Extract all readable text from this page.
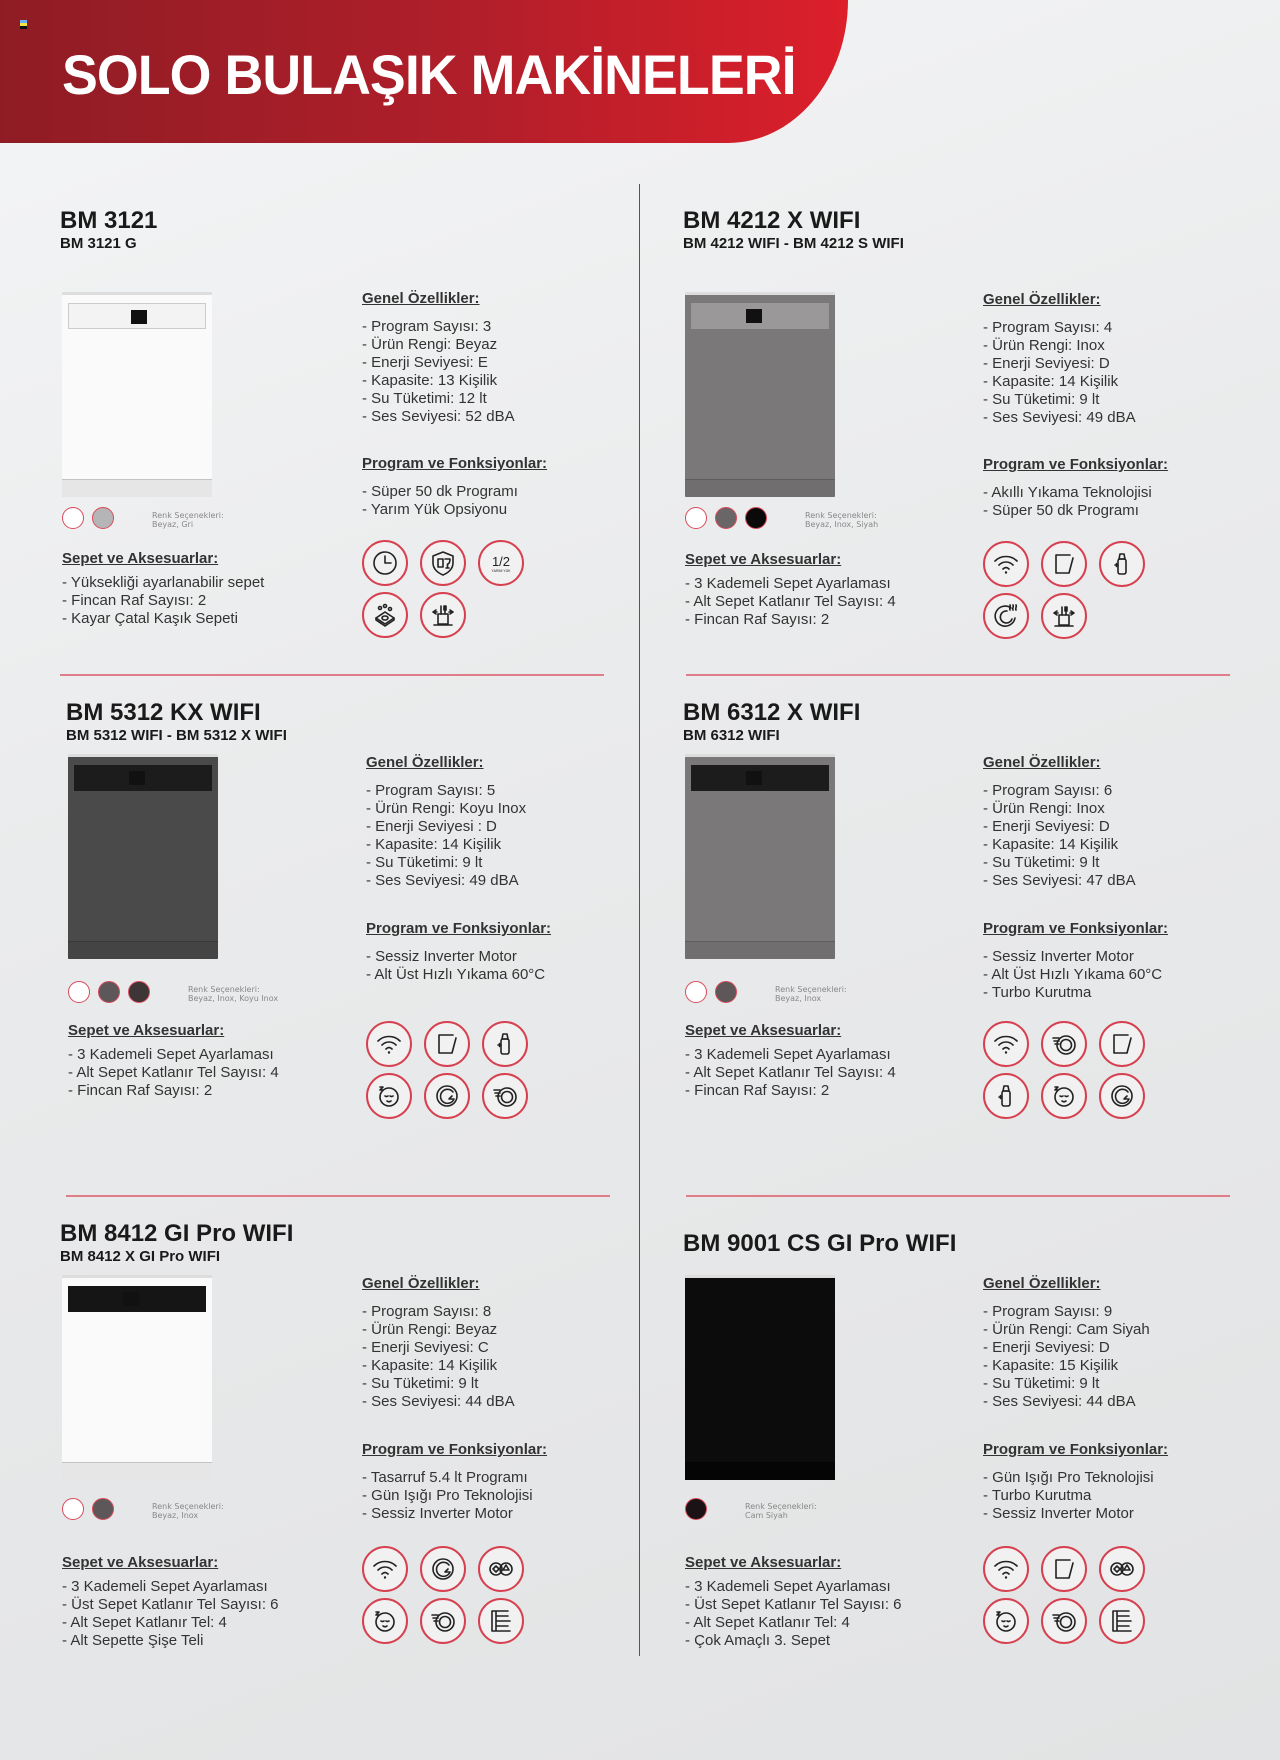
SOLO BULAŞIK MAKİNELERİ
BM 3121
BM 3121 G
Renk Seçenekleri:
Beyaz, Gri
Sepet ve Aksesuarlar:
- Yüksekliği ayarlanabilir sepet
- Fincan Raf Sayısı: 2
- Kayar Çatal Kaşık Sepeti
Genel Özellikler:
- Program Sayısı: 3
- Ürün Rengi: Beyaz
- Enerji Seviyesi: E
- Kapasite: 13 Kişilik
- Su Tüketimi: 12 lt
- Ses Seviyesi: 52 dBA
Program ve Fonksiyonlar:
- Süper 50 dk Programı
- Yarım Yük Opsiyonu
1/2
YARIM YÜK
BM 4212 X WIFI
BM 4212 WIFI - BM 4212 S WIFI
Renk Seçenekleri:
Beyaz, Inox, Siyah
Sepet ve Aksesuarlar:
- 3 Kademeli Sepet Ayarlaması
- Alt Sepet Katlanır Tel Sayısı: 4
- Fincan Raf Sayısı: 2
Genel Özellikler:
- Program Sayısı: 4
- Ürün Rengi: Inox
- Enerji Seviyesi: D
- Kapasite: 14 Kişilik
- Su Tüketimi: 9 lt
- Ses Seviyesi: 49 dBA
Program ve Fonksiyonlar:
- Akıllı Yıkama Teknolojisi
- Süper 50 dk Programı
BM 5312 KX WIFI
BM 5312 WIFI - BM 5312 X WIFI
Renk Seçenekleri:
Beyaz, Inox, Koyu Inox
Sepet ve Aksesuarlar:
- 3 Kademeli Sepet Ayarlaması
- Alt Sepet Katlanır Tel Sayısı: 4
- Fincan Raf Sayısı: 2
Genel Özellikler:
- Program Sayısı: 5
- Ürün Rengi: Koyu Inox
- Enerji Seviyesi : D
- Kapasite: 14 Kişilik
- Su Tüketimi: 9 lt
- Ses Seviyesi: 49 dBA
Program ve Fonksiyonlar:
- Sessiz Inverter Motor
- Alt Üst Hızlı Yıkama 60°C
BM 6312 X WIFI
BM 6312 WIFI
Renk Seçenekleri:
Beyaz, Inox
Sepet ve Aksesuarlar:
- 3 Kademeli Sepet Ayarlaması
- Alt Sepet Katlanır Tel Sayısı: 4
- Fincan Raf Sayısı: 2
Genel Özellikler:
- Program Sayısı: 6
- Ürün Rengi: Inox
- Enerji Seviyesi: D
- Kapasite: 14 Kişilik
- Su Tüketimi: 9 lt
- Ses Seviyesi: 47 dBA
Program ve Fonksiyonlar:
- Sessiz Inverter Motor
- Alt Üst Hızlı Yıkama 60°C
- Turbo Kurutma
BM 8412 GI Pro WIFI
BM 8412 X GI Pro WIFI
Renk Seçenekleri:
Beyaz, Inox
Sepet ve Aksesuarlar:
- 3 Kademeli Sepet Ayarlaması
- Üst Sepet Katlanır Tel Sayısı: 6
- Alt Sepet Katlanır Tel: 4
- Alt Sepette Şişe Teli
Genel Özellikler:
- Program Sayısı: 8
- Ürün Rengi: Beyaz
- Enerji Seviyesi: C
- Kapasite: 14 Kişilik
- Su Tüketimi: 9 lt
- Ses Seviyesi: 44 dBA
Program ve Fonksiyonlar:
- Tasarruf 5.4 lt Programı
- Gün Işığı Pro Teknolojisi
- Sessiz Inverter Motor
BM 9001 CS GI Pro WIFI
Renk Seçenekleri:
Cam Siyah
Sepet ve Aksesuarlar:
- 3 Kademeli Sepet Ayarlaması
- Üst Sepet Katlanır Tel Sayısı: 6
- Alt Sepet Katlanır Tel: 4
- Çok Amaçlı 3. Sepet
Genel Özellikler:
- Program Sayısı: 9
- Ürün Rengi: Cam Siyah
- Enerji Seviyesi: D
- Kapasite: 15 Kişilik
- Su Tüketimi: 9 lt
- Ses Seviyesi: 44 dBA
Program ve Fonksiyonlar:
- Gün Işığı Pro Teknolojisi
- Turbo Kurutma
- Sessiz Inverter Motor
